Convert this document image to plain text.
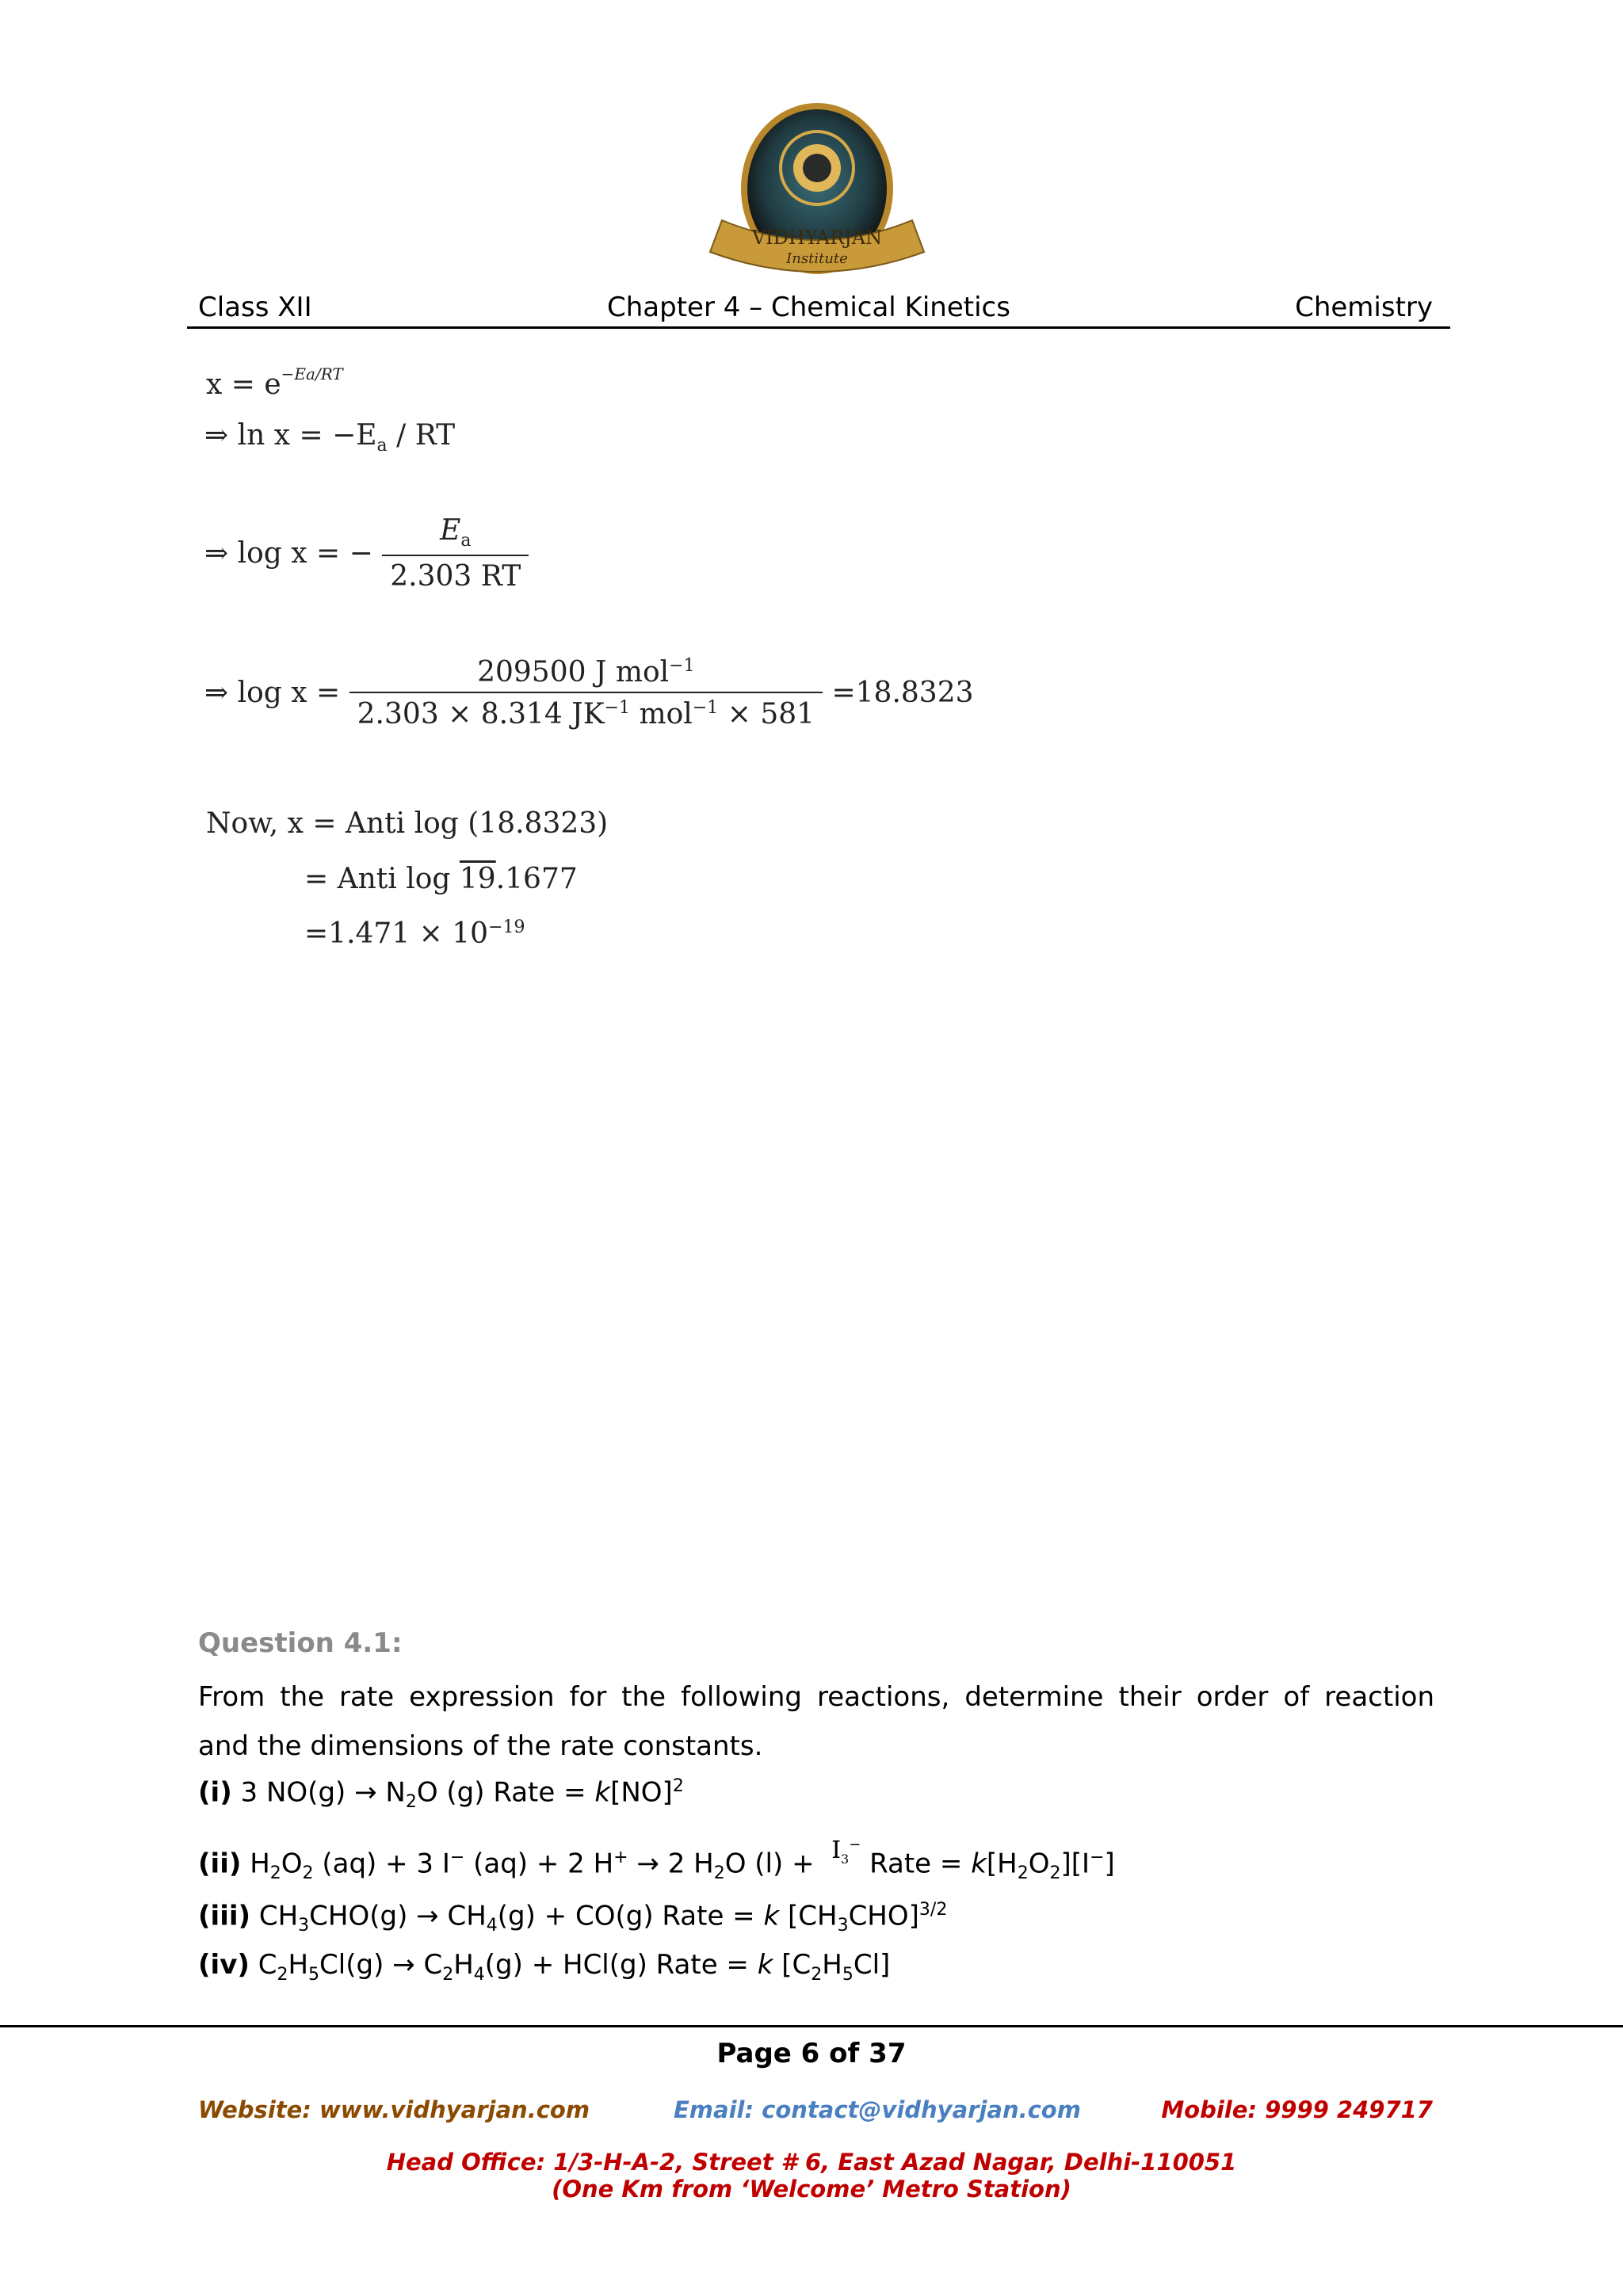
VIDHYARJAN
Institute
Class XII	Chapter 4 – Chemical Kinetics	Chemistry
$x = e^{-Ea/RT}$
⇒ $\ln x = -E_a$ / RT
⇒ log x = − $\frac{E_a}{2.303 RT}$
⇒ $\log x = \frac{209500 J mol^{-1}}{2.303 \times 8.314 JK^{-1} mol^{-1} \times 581} =18.8323$
Now, x = Anti log (18.8323)
= Anti log 19.1677
$=1.471 \times 10^{-19}$
Question 4.1:
From the rate expression for the following reactions, determine their order of reaction
and the dimensions of the rate constants.
(i) 3 $NO(g) \to N_2O$ (g) Rate = k[NO]$^2$
(ii) $H_2O_2$ (aq) + 3 I− (aq) + 2 H+ → 2 $H_2O$ $(l) + I_3^-$ Rate = $k[H_2O_2][I^-]$
(iii) $CH_3CHO(g) \to CH_4(g) + CO(g)$ Rate = k $[CH_3CHO]^{3/2}$
(iv) $C_2H_5Cl(g) \to C_2H_4(g) + HCl(g)$ Rate = k $[C_2H_5Cl]$
Page 6 of 37
Website: www.vidhyarjan.com	Email: contact@vidhyarjan.com	Mobile: 9999 249717
Head Office: 1/3-H-A-2, Street # 6, East Azad Nagar, Delhi-110051
(One Km from ‘Welcome’ Metro Station)
